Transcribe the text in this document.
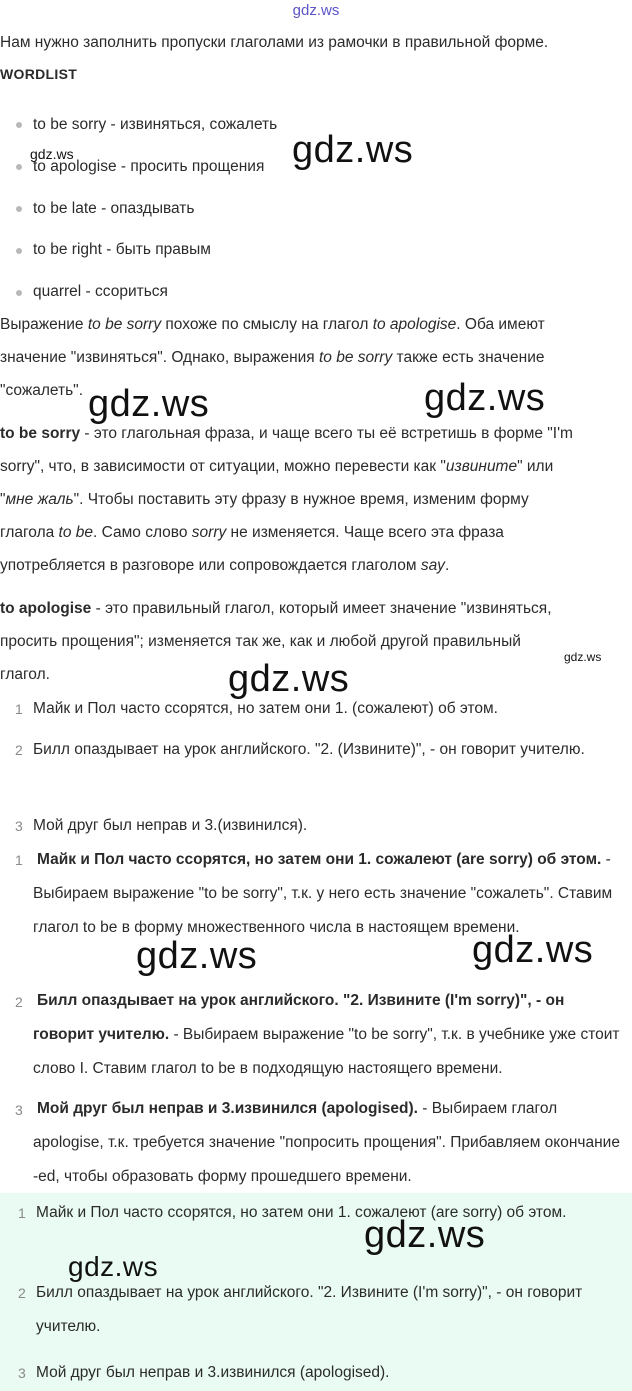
gdz.ws

Нам нужно заполнить пропуски глаголами из рамочки в правильной форме.

WORDLIST

to be sorry - извиняться, сожалеть
to apologise - просить прощения
to be late - опаздывать
to be right - быть правым
quarrel - ссориться

Выражение to be sorry похоже по смыслу на глагол to apologise. Оба имеют

значение "извиняться". Однако, выражения to be sorry также есть значение

"сожалеть".

to be sorry - это глагольная фраза, и чаще всего ты её встретишь в форме "I'm

sorry", что, в зависимости от ситуации, можно перевести как "извините" или

"мне жаль". Чтобы поставить эту фразу в нужное время, изменим форму

глагола to be. Само слово sorry не изменяется. Чаще всего эта фраза

употребляется в разговоре или сопровождается глаголом say.

to apologise - это правильный глагол, который имеет значение "извиняться,

просить прощения"; изменяется так же, как и любой другой правильный

глагол.

1 Майк и Пол часто ссорятся, но затем они 1. (сожалеют) об этом.
2 Билл опаздывает на урок английского. "2. (Извините)", - он говорит учителю.
3 Мой друг был неправ и 3.(извинился).
1 Майк и Пол часто ссорятся, но затем они 1. сожалеют (are sorry) об этом. - Выбираем выражение "to be sorry", т.к. у него есть значение "сожалеть". Ставим глагол to be в форму множественного числа в настоящем времени.
2 Билл опаздывает на урок английского. "2. Извините (I'm sorry)", - он говорит учителю. - Выбираем выражение "to be sorry", т.к. в учебнике уже стоит слово I. Ставим глагол to be в подходящую настоящего времени.
3 Мой друг был неправ и 3.извинился (apologised). - Выбираем глагол apologise, т.к. требуется значение "попросить прощения". Прибавляем окончание -ed, чтобы образовать форму прошедшего времени.
1 Майк и Пол часто ссорятся, но затем они 1. сожалеют (are sorry) об этом.
2 Билл опаздывает на урок английского. "2. Извините (I'm sorry)", - он говорит учителю.
3 Мой друг был неправ и 3.извинился (apologised).
gdz.ws	gdz.ws
gdz.ws	gdz.ws
gdz.ws
gdz.ws
gdz.ws	gdz.ws
gdz.ws
gdz.ws
